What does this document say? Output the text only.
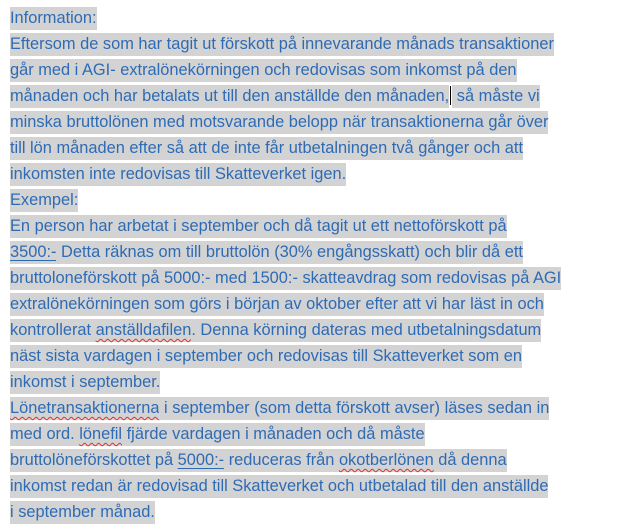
Information:
Eftersom de som har tagit ut förskott på innevarande månads transaktioner
går med i AGI- extralönekörningen och redovisas som inkomst på den
månaden och har betalats ut till den anställde den månaden, så måste vi
minska bruttolönen med motsvarande belopp när transaktionerna går över
till lön månaden efter så att de inte får utbetalningen två gånger och att
inkomsten inte redovisas till Skatteverket igen.
Exempel:
En person har arbetat i september och då tagit ut ett nettoförskott på
3500:- Detta räknas om till bruttolön (30% engångsskatt) och blir då ett
bruttoloneförskott på 5000:- med 1500:- skatteavdrag som redovisas på AGI
extralönekörningen som görs i början av oktober efter att vi har läst in och
kontrollerat anställdafilen. Denna körning dateras med utbetalningsdatum
näst sista vardagen i september och redovisas till Skatteverket som en
inkomst i september.
Lönetransaktionerna i september (som detta förskott avser) läses sedan in
med ord. lönefil fjärde vardagen i månaden och då måste
bruttolöneförskottet på 5000:- reduceras från okotberlönen då denna
inkomst redan är redovisad till Skatteverket och utbetalad till den anställde
i september månad.
